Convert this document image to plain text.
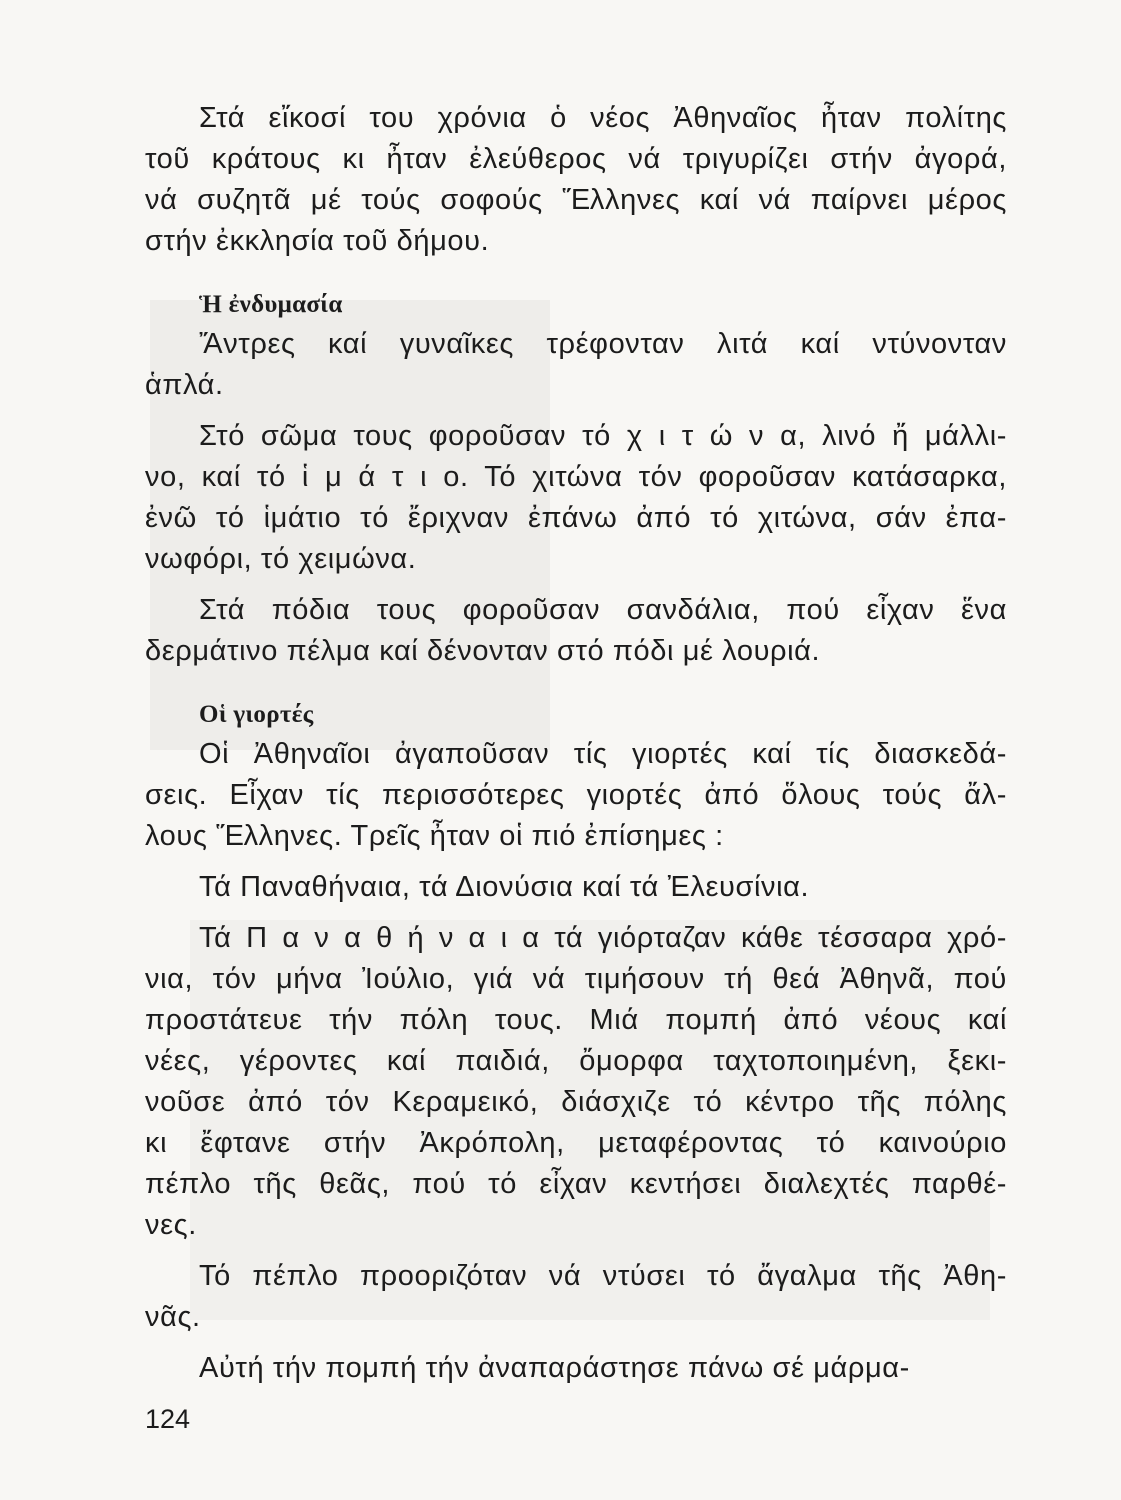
Στά εἴκοσί του χρόνια ὁ νέος Ἀθηναῖος ἦταν πολίτης
τοῦ κράτους κι ἦταν ἐλεύθερος νά τριγυρίζει στήν ἀγορά,
νά συζητᾶ μέ τούς σοφούς Ἕλληνες καί νά παίρνει μέρος
στήν ἐκκλησία τοῦ δήμου.
Ἡ ἐνδυμασία
Ἄντρες καί γυναῖκες τρέφονταν λιτά καί ντύνονταν
ἁπλά.
Στό σῶμα τους φοροῦσαν τό χ ι τ ώ ν α, λινό ἤ μάλλι-
νο, καί τό ἱ μ ά τ ι ο. Τό χιτώνα τόν φοροῦσαν κατάσαρκα,
ἐνῶ τό ἱμάτιο τό ἔριχναν ἐπάνω ἀπό τό χιτώνα, σάν ἐπα-
νωφόρι, τό χειμώνα.
Στά πόδια τους φοροῦσαν σανδάλια, πού εἶχαν ἕνα
δερμάτινο πέλμα καί δένονταν στό πόδι μέ λουριά.
Οἱ γιορτές
Οἱ Ἀθηναῖοι ἀγαποῦσαν τίς γιορτές καί τίς διασκεδά-
σεις. Εἶχαν τίς περισσότερες γιορτές ἀπό ὅλους τούς ἄλ-
λους Ἕλληνες. Τρεῖς ἦταν οἱ πιό ἐπίσημες :
Τά Παναθήναια, τά Διονύσια καί τά Ἐλευσίνια.
Τά Π α ν α θ ή ν α ι α τά γιόρταζαν κάθε τέσσαρα χρό-
νια, τόν μήνα Ἰούλιο, γιά νά τιμήσουν τή θεά Ἀθηνᾶ, πού
προστάτευε τήν πόλη τους. Μιά πομπή ἀπό νέους καί
νέες, γέροντες καί παιδιά, ὄμορφα ταχτοποιημένη, ξεκι-
νοῦσε ἀπό τόν Κεραμεικό, διάσχιζε τό κέντρο τῆς πόλης
κι ἔφτανε στήν Ἀκρόπολη, μεταφέροντας τό καινούριο
πέπλο τῆς θεᾶς, πού τό εἶχαν κεντήσει διαλεχτές παρθέ-
νες.
Τό πέπλο προοριζόταν νά ντύσει τό ἄγαλμα τῆς Ἀθη-
νᾶς.
Αὐτή τήν πομπή τήν ἀναπαράστησε πάνω σέ μάρμα-
124
